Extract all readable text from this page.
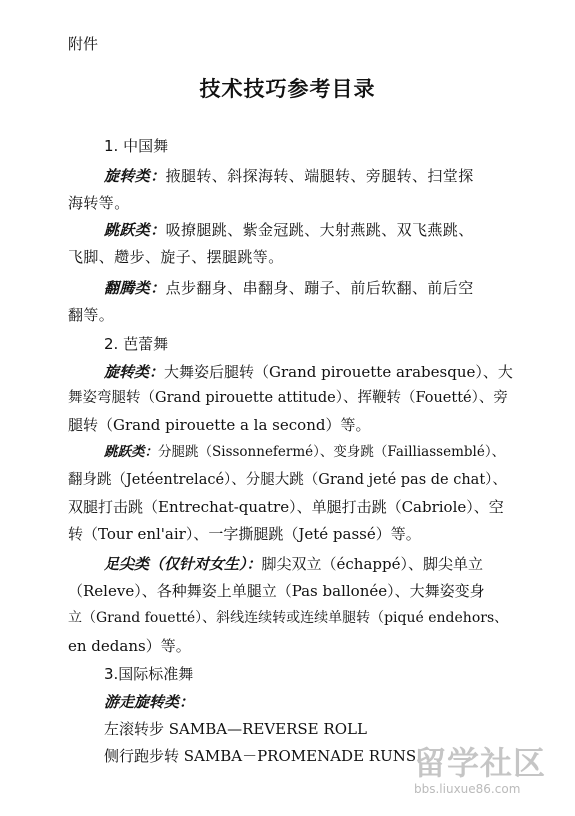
附件
技术技巧参考目录
1. 中国舞
旋转类：掖腿转、斜探海转、端腿转、旁腿转、扫堂探
海转等。
跳跃类：吸撩腿跳、紫金冠跳、大射燕跳、双飞燕跳、
飞脚、趱步、旋子、摆腿跳等。
翻腾类：点步翻身、串翻身、蹦子、前后软翻、前后空
翻等。
2. 芭蕾舞
旋转类：大舞姿后腿转（Grand pirouette arabesque）、大
舞姿弯腿转（Grand pirouette attitude）、挥鞭转（Fouetté）、旁
腿转（Grand pirouette a la second）等。
跳跃类：分腿跳（Sissonnefermé）、变身跳（Failliassemblé）、
翻身跳（Jetéentrelacé）、分腿大跳（Grand jeté pas de chat）、
双腿打击跳（Entrechat-quatre）、单腿打击跳（Cabriole）、空
转（Tour enl'air）、一字撕腿跳（Jeté passé）等。
足尖类（仅针对女生）：脚尖双立（échappé）、脚尖单立
（Releve）、各种舞姿上单腿立（Pas ballonée）、大舞姿变身
立（Grand fouetté）、斜线连续转或连续单腿转（piqué endehors、
en dedans）等。
3.国际标准舞
游走旋转类：
左滚转步 SAMBA—REVERSE ROLL
侧行跑步转 SAMBA－PROMENADE RUNS
留学社区
bbs.liuxue86.com
